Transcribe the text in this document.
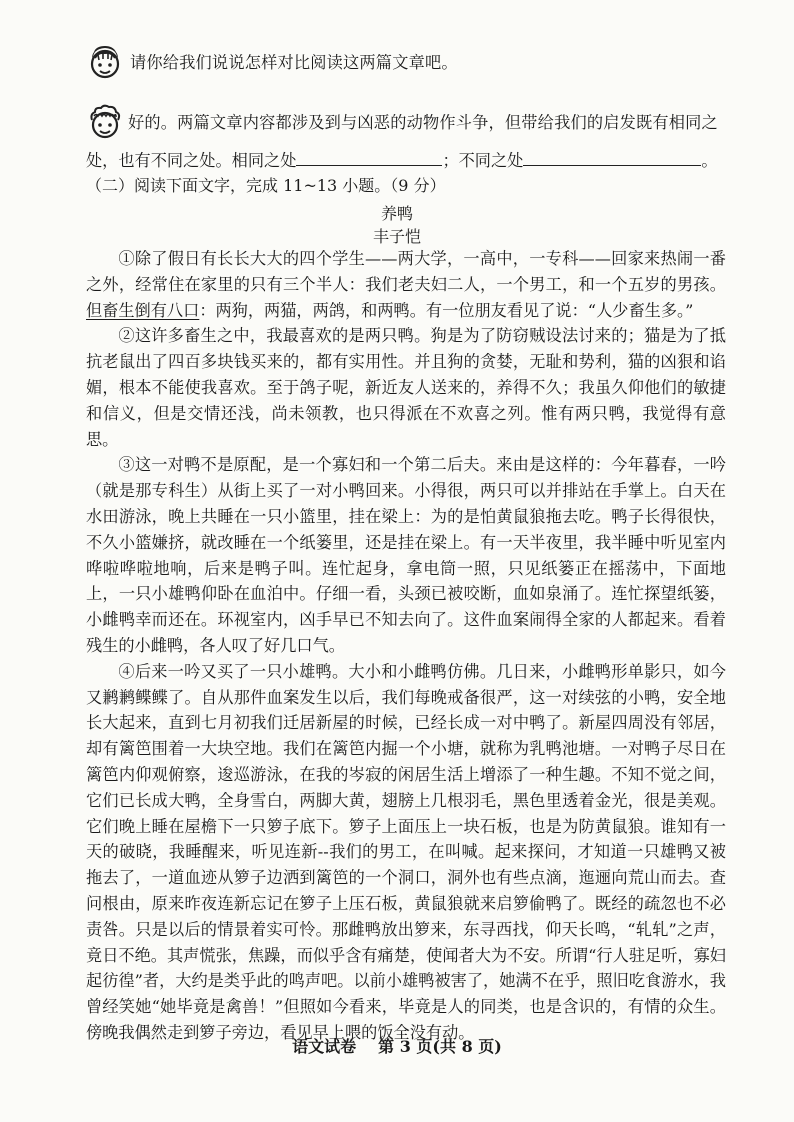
请你给我们说说怎样对比阅读这两篇文章吧。
好的。两篇文章内容都涉及到与凶恶的动物作斗争，但带给我们的启发既有相同之
处，也有不同之处。相同之处	；不同之处	。
（二）阅读下面文字，完成 11~13 小题。（9 分）
养鸭
丰子恺

①除了假日有长长大大的四个学生——两大学，一高中，一专科——回家来热闹一番之外，经常住在家里的只有三个半人：我们老夫妇二人，一个男工，和一个五岁的男孩。但畜生倒有八口：两狗，两猫，两鸽，和两鸭。有一位朋友看见了说：“人少畜生多。”

②这许多畜生之中，我最喜欢的是两只鸭。狗是为了防窃贼设法讨来的；猫是为了抵抗老鼠出了四百多块钱买来的，都有实用性。并且狗的贪婪，无耻和势利，猫的凶狠和谄媚，根本不能使我喜欢。至于鸽子呢，新近友人送来的，养得不久；我虽久仰他们的敏捷和信义，但是交情还浅，尚未领教，也只得派在不欢喜之列。惟有两只鸭，我觉得有意思。

③这一对鸭不是原配，是一个寡妇和一个第二后夫。来由是这样的：今年暮春，一吟（就是那专科生）从街上买了一对小鸭回来。小得很，两只可以并排站在手掌上。白天在水田游泳，晚上共睡在一只小篮里，挂在梁上：为的是怕黄鼠狼拖去吃。鸭子长得很快，不久小篮嫌挤，就改睡在一个纸篓里，还是挂在梁上。有一天半夜里，我半睡中听见室内哗啦哗啦地响，后来是鸭子叫。连忙起身，拿电筒一照，只见纸篓正在摇荡中，下面地上，一只小雄鸭仰卧在血泊中。仔细一看，头颈已被咬断，血如泉涌了。连忙探望纸篓，小雌鸭幸而还在。环视室内，凶手早已不知去向了。这件血案闹得全家的人都起来。看着残生的小雌鸭，各人叹了好几口气。

④后来一吟又买了一只小雄鸭。大小和小雌鸭仿佛。几日来，小雌鸭形单影只，如今又鹣鹣鲽鲽了。自从那件血案发生以后，我们每晚戒备很严，这一对续弦的小鸭，安全地长大起来，直到七月初我们迁居新屋的时候，已经长成一对中鸭了。新屋四周没有邻居，却有篱笆围着一大块空地。我们在篱笆内掘一个小塘，就称为乳鸭池塘。一对鸭子尽日在篱笆内仰观俯察，逡巡游泳，在我的岑寂的闲居生活上增添了一种生趣。不知不觉之间，它们已长成大鸭，全身雪白，两脚大黄，翅膀上几根羽毛，黑色里透着金光，很是美观。它们晚上睡在屋檐下一只箩子底下。箩子上面压上一块石板，也是为防黄鼠狼。谁知有一天的破晓，我睡醒来，听见连新--我们的男工，在叫喊。起来探问，才知道一只雄鸭又被拖去了，一道血迹从箩子边洒到篱笆的一个洞口，洞外也有些点滴，迤逦向荒山而去。查问根由，原来昨夜连新忘记在箩子上压石板，黄鼠狼就来启箩偷鸭了。既经的疏忽也不必责咎。只是以后的情景着实可怜。那雌鸭放出箩来，东寻西找，仰天长鸣，“轧轧”之声，竟日不绝。其声慌张，焦躁，而似乎含有痛楚，使闻者大为不安。所谓“行人驻足听，寡妇起彷徨”者，大约是类乎此的鸣声吧。以前小雄鸭被害了，她满不在乎，照旧吃食游水，我曾经笑她“她毕竟是禽兽！”但照如今看来，毕竟是人的同类，也是含识的，有情的众生。傍晚我偶然走到箩子旁边，看见早上喂的饭全没有动。

语文试卷 第 3 页(共 8 页)
